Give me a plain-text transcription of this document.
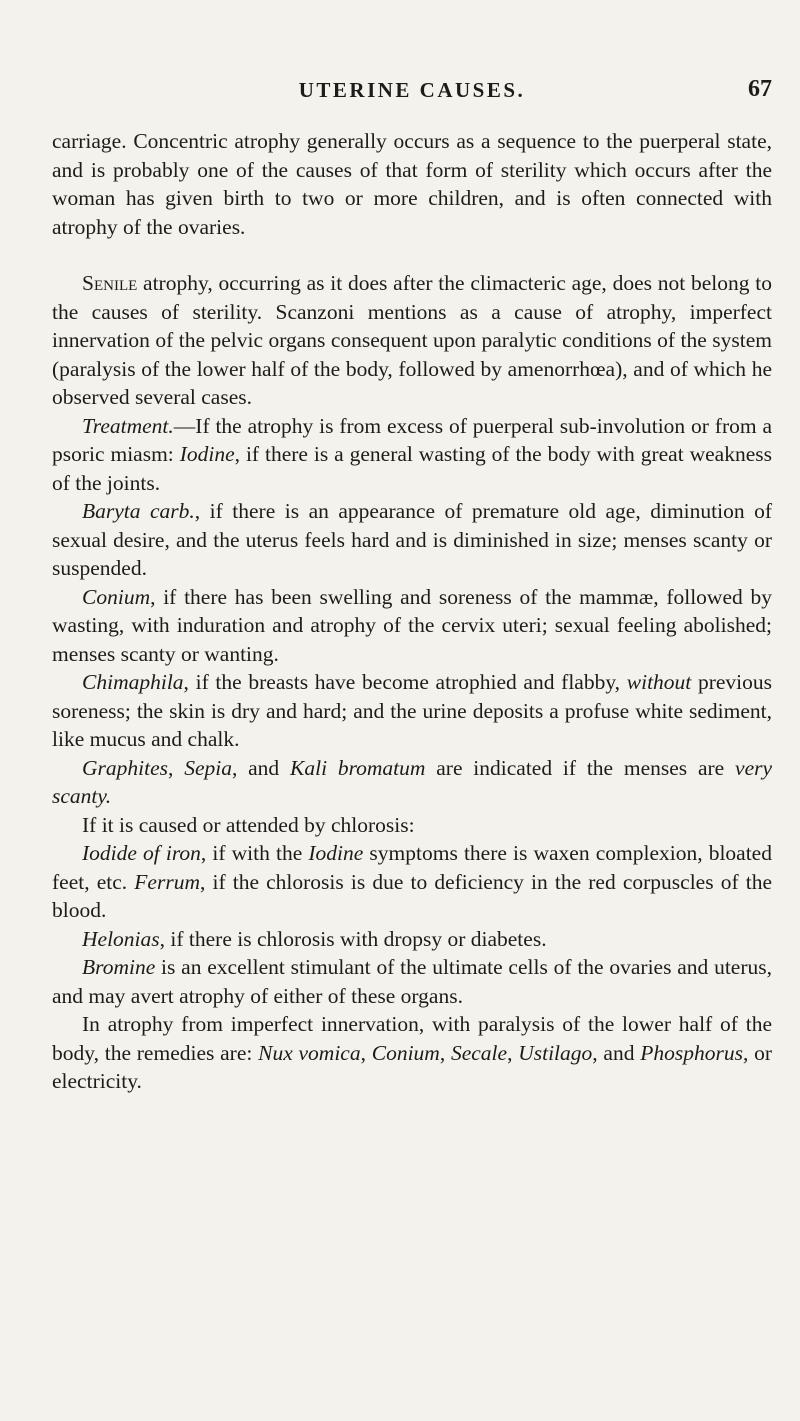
UTERINE CAUSES.	67

carriage. Concentric atrophy generally occurs as a sequence to the puerperal state, and is probably one of the causes of that form of sterility which occurs after the woman has given birth to two or more children, and is often connected with atrophy of the ovaries.

Senile atrophy, occurring as it does after the climacteric age, does not belong to the causes of sterility. Scanzoni mentions as a cause of atrophy, imperfect innervation of the pelvic organs consequent upon paralytic conditions of the system (paralysis of the lower half of the body, followed by amenorrhœa), and of which he observed several cases.

Treatment.—If the atrophy is from excess of puerperal sub-involution or from a psoric miasm: Iodine, if there is a general wasting of the body with great weakness of the joints.

Baryta carb., if there is an appearance of premature old age, diminution of sexual desire, and the uterus feels hard and is diminished in size; menses scanty or suspended.

Conium, if there has been swelling and soreness of the mammæ, followed by wasting, with induration and atrophy of the cervix uteri; sexual feeling abolished; menses scanty or wanting.

Chimaphila, if the breasts have become atrophied and flabby, without previous soreness; the skin is dry and hard; and the urine deposits a profuse white sediment, like mucus and chalk.

Graphites, Sepia, and Kali bromatum are indicated if the menses are very scanty.

If it is caused or attended by chlorosis:

Iodide of iron, if with the Iodine symptoms there is waxen complexion, bloated feet, etc. Ferrum, if the chlorosis is due to deficiency in the red corpuscles of the blood.

Helonias, if there is chlorosis with dropsy or diabetes.

Bromine is an excellent stimulant of the ultimate cells of the ovaries and uterus, and may avert atrophy of either of these organs.

In atrophy from imperfect innervation, with paralysis of the lower half of the body, the remedies are: Nux vomica, Conium, Secale, Ustilago, and Phosphorus, or electricity.
